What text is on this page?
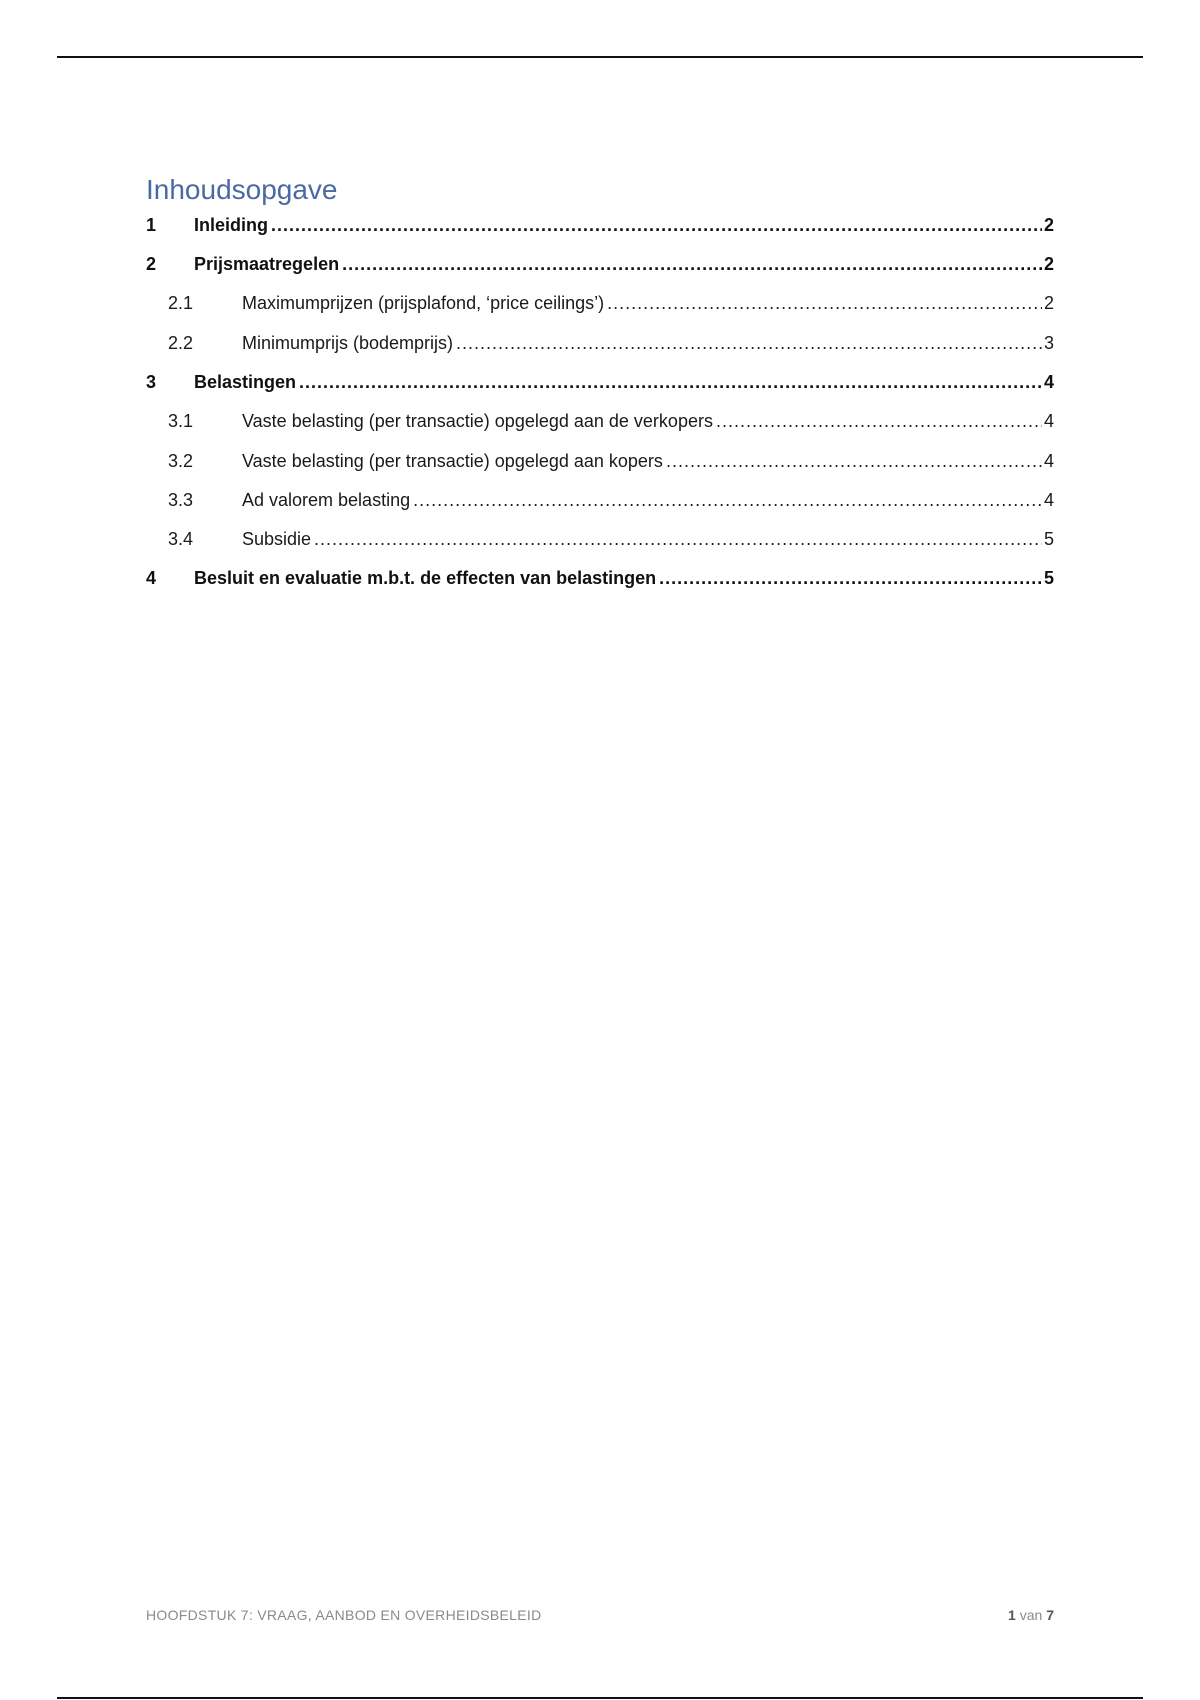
Inhoudsopgave
1	Inleiding .....	2
2	Prijsmaatregelen .....	2
2.1	Maximumprijzen (prijsplafond, ‘price ceilings’) .....	2
2.2	Minimumprijs (bodemprijs) .....	3
3	Belastingen .....	4
3.1	Vaste belasting (per transactie) opgelegd aan de verkopers .....	4
3.2	Vaste belasting (per transactie) opgelegd aan kopers .....	4
3.3	Ad valorem belasting .....	4
3.4	Subsidie .....	5
4	Besluit en evaluatie m.b.t. de effecten van belastingen .....	5
HOOFDSTUK 7: VRAAG, AANBOD EN OVERHEIDSBELEID	1 van 7
